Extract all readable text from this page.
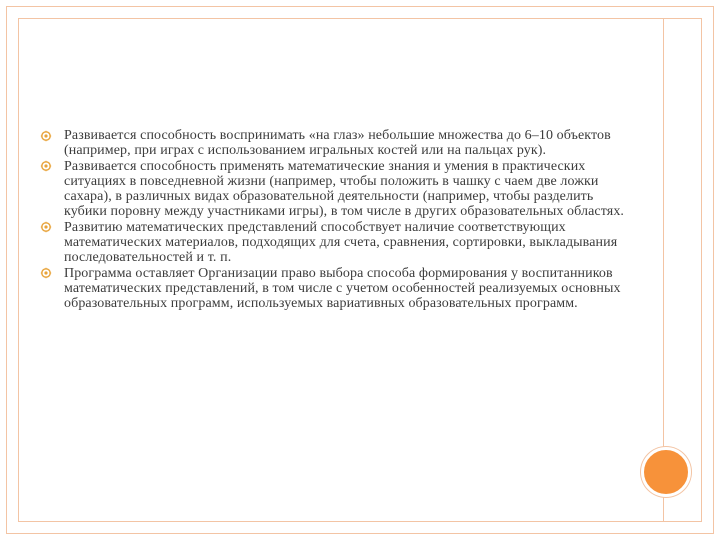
Развивается способность воспринимать «на глаз» небольшие множества до 6–10 объектов (например, при играх с использованием игральных костей или на пальцах рук).
Развивается способность применять математические знания и умения в практических ситуациях в повседневной жизни (например, чтобы положить в чашку с чаем две ложки сахара), в различных видах образовательной деятельности (например, чтобы разделить кубики поровну между участниками игры), в том числе в других образовательных областях.
Развитию математических представлений способствует наличие соответствующих математических материалов, подходящих для счета, сравнения, сортировки, выкладывания последовательностей и т. п.
Программа оставляет Организации право выбора способа формирования у воспитанников математических представлений, в том числе с учетом особенностей реализуемых основных образовательных программ, используемых вариативных образовательных программ.
